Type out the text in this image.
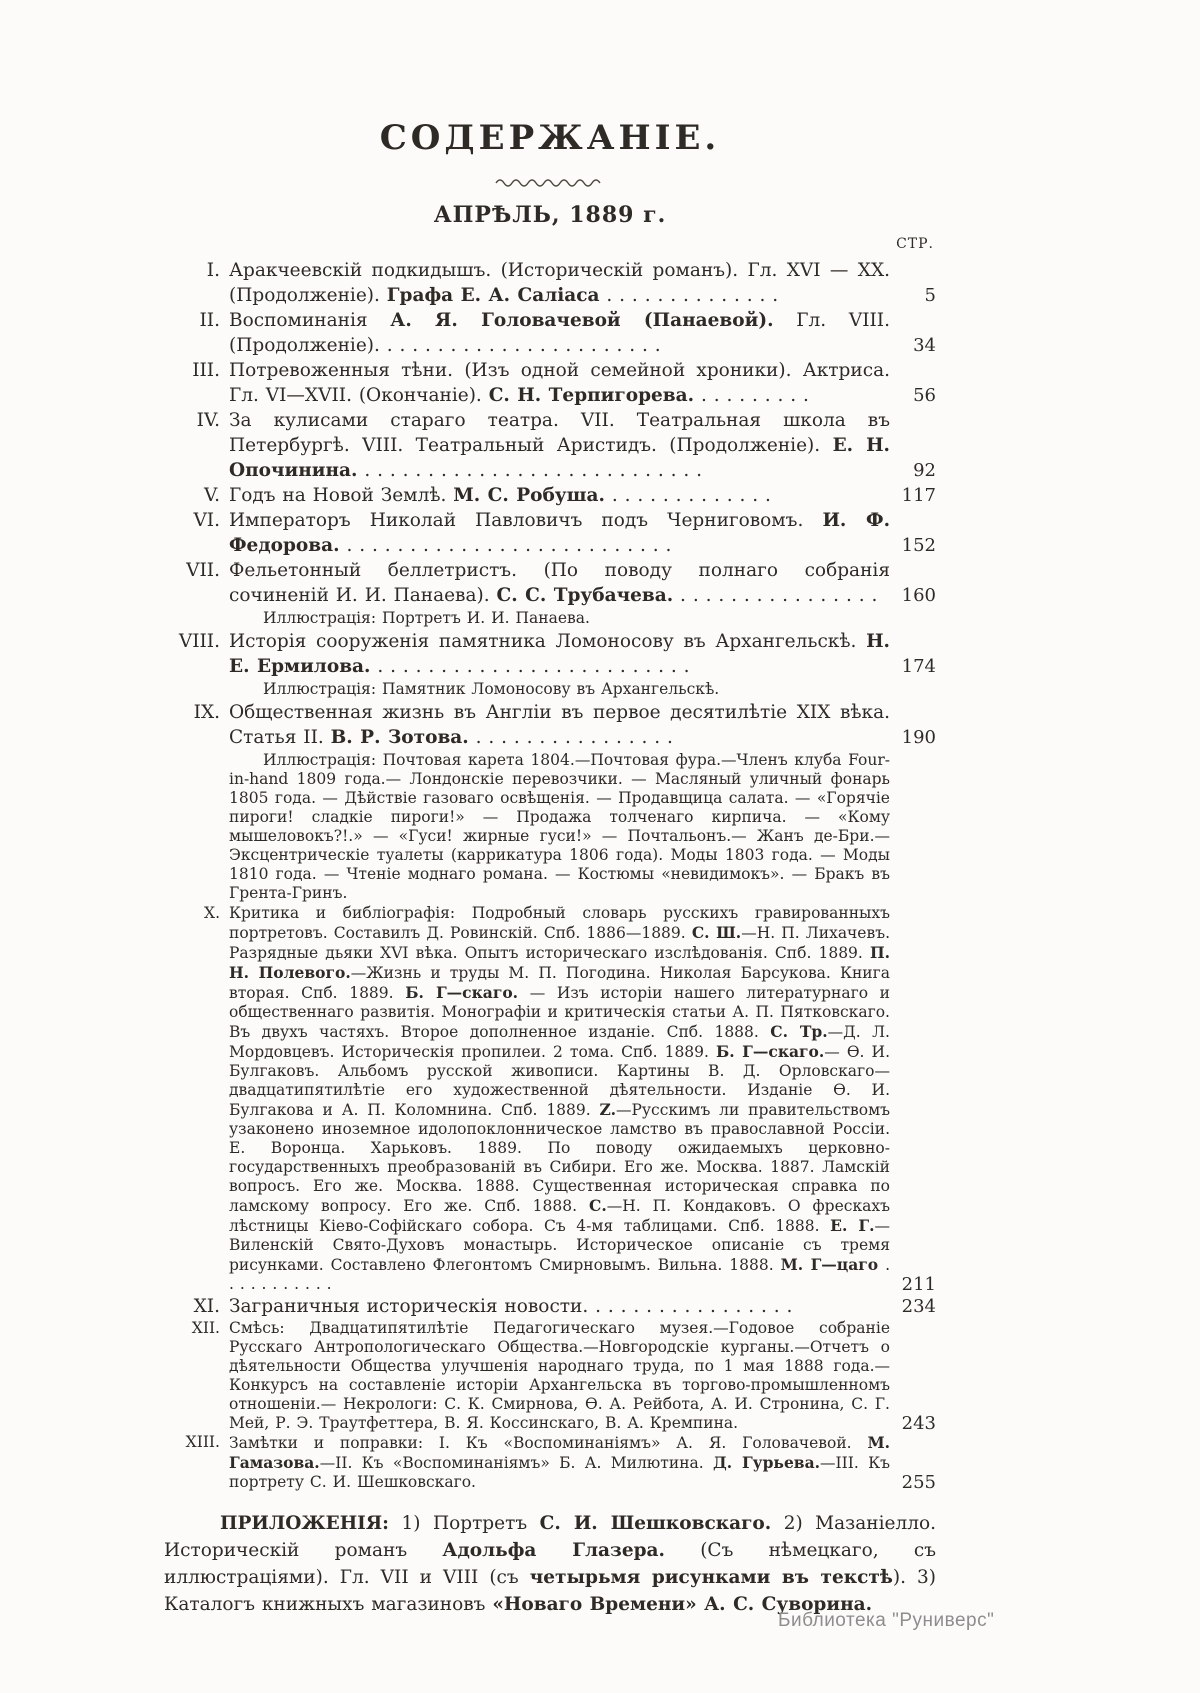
СОДЕРЖАНІЕ.
АПРѢЛЬ, 1889 г.
СТР.
I. Аракчеевскій подкидышъ. (Историческій романъ). Гл. XVI — XX. (Продолженіе). Графа Е. А. Саліаса . . . . . . . . . . . . . .	5
II. Воспоминанія А. Я. Головачевой (Панаевой). Гл. VIII. (Продолженіе). . . . . . . . . . . . . . . . . . . . . . .	34
III. Потревоженныя тѣни. (Изъ одной семейной хроники). Актриса. Гл. VI—XVII. (Окончаніе). С. Н. Терпигорева. . . . . . . . . .	56
IV. За кулисами стараго театра. VII. Театральная школа въ Петербургѣ. VIII. Театральный Аристидъ. (Продолженіе). Е. Н. Опочинина. . . . . . . . . . . . . . . . . . . . . . . . . . . .	92
V. Годъ на Новой Землѣ. М. С. Робуша. . . . . . . . . . . . . .	117
VI. Императоръ Николай Павловичъ подъ Черниговомъ. И. Ф. Федорова. . . . . . . . . . . . . . . . . . . . . . . . . . .	152
VII. Фельетонный беллетристъ. (По поводу полнаго собранія сочиненій И. И. Панаева). С. С. Трубачева. . . . . . . . . . . . . . . . .	160
Иллюстрація: Портретъ И. И. Панаева.
VIII. Исторія сооруженія памятника Ломоносову въ Архангельскѣ. Н. Е. Ермилова. . . . . . . . . . . . . . . . . . . . . . . . . .	174
Иллюстрація: Памятник Ломоносову въ Архангельскѣ.
IX. Общественная жизнь въ Англіи въ первое десятилѣтіе XIX вѣка. Статья II. В. Р. Зотова. . . . . . . . . . . . . . . . .	190
Иллюстрація: Почтовая карета 1804.—Почтовая фура.—Членъ клуба Four-in-hand 1809 года.— Лондонскіе перевозчики. — Масляный уличный фонарь 1805 года. — Дѣйствіе газоваго освѣщенія. — Продавщица салата. — «Горячіе пироги! сладкіе пироги!» — Продажа толченаго кирпича. — «Кому мышеловокъ?!.» — «Гуси! жирные гуси!» — Почтальонъ.— Жанъ де-Бри.— Эксцентрическіе туалеты (каррикатура 1806 года). Моды 1803 года. — Моды 1810 года. — Чтеніе моднаго романа. — Костюмы «невидимокъ». — Бракъ въ Грента-Гринъ.
X. Критика и библіографія: Подробный словарь русскихъ гравированныхъ портретовъ. Составилъ Д. Ровинскій. Спб. 1886—1889. С. Ш.—Н. П. Лихачевъ. Разрядные дьяки XVI вѣка. Опытъ историческаго изслѣдованія. Спб. 1889. П. Н. Полевого.—Жизнь и труды М. П. Погодина. Николая Барсукова. Книга вторая. Спб. 1889. Б. Г—скаго. — Изъ исторіи нашего литературнаго и общественнаго развитія. Монографіи и критическія статьи А. П. Пятковскаго. Въ двухъ частяхъ. Второе дополненное изданіе. Спб. 1888. С. Тр.—Д. Л. Мордовцевъ. Историческія пропилеи. 2 тома. Спб. 1889. Б. Г—скаго.— Ѳ. И. Булгаковъ. Альбомъ русской живописи. Картины В. Д. Орловскаго—двадцатипятилѣтіе его художественной дѣятельности. Изданіе Ѳ. И. Булгакова и А. П. Коломнина. Спб. 1889. Z.—Русскимъ ли правительствомъ узаконено иноземное идолопоклонническое ламство въ православной Россіи. Е. Воронца. Харьковъ. 1889. По поводу ожидаемыхъ церковно-государственныхъ преобразованій въ Сибири. Его же. Москва. 1887. Ламскій вопросъ. Его же. Москва. 1888. Существенная историческая справка по ламскому вопросу. Его же. Спб. 1888. С.—Н. П. Кондаковъ. О фрескахъ лѣстницы Кіево-Софійскаго собора. Съ 4-мя таблицами. Спб. 1888. Е. Г.—Виленскій Свято-Духовъ монастырь. Историческое описаніе съ тремя рисунками. Составлено Флегонтомъ Смирновымъ. Вильна. 1888. М. Г—цаго . . . . . . . . . . .	211
XI. Заграничныя историческія новости. . . . . . . . . . . . . . . . .	234
XII. Смѣсь: Двадцатипятилѣтіе Педагогическаго музея.—Годовое собраніе Русскаго Антропологическаго Общества.—Новгородскіе курганы.—Отчетъ о дѣятельности Общества улучшенія народнаго труда, по 1 мая 1888 года.—Конкурсъ на составленіе исторіи Архангельска въ торгово-промышленномъ отношеніи.— Некрологи: С. К. Смирнова, Ѳ. А. Рейбота, А. И. Стронина, С. Г. Мей, Р. Э. Траутфеттера, В. Я. Коссинскаго, В. А. Кремпина.	243
XIII. Замѣтки и поправки: I. Къ «Воспоминаніямъ» А. Я. Головачевой. М. Гамазова.—II. Къ «Воспоминаніямъ» Б. А. Милютина. Д. Гурьева.—III. Къ портрету С. И. Шешковскаго.	255

ПРИЛОЖЕНІЯ: 1) Портретъ С. И. Шешковскаго. 2) Мазаніелло. Историческій романъ Адольфа Глазера. (Съ нѣмецкаго, съ иллюстраціями). Гл. VII и VIII (съ четырьмя рисунками въ текстѣ). 3) Каталогъ книжныхъ магазиновъ «Новаго Времени» А. С. Суворина.

Библиотека "Руниверс"
